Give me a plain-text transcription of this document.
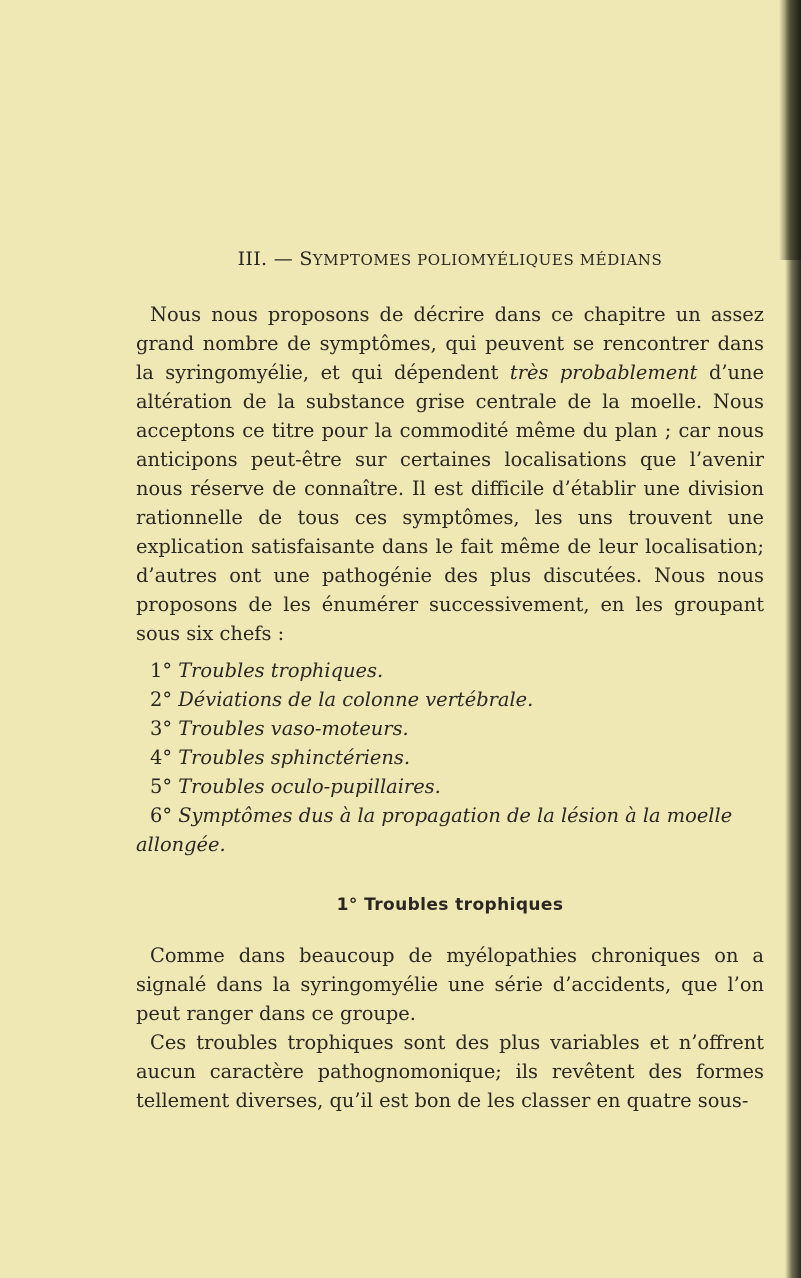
III. — SYMPTOMES POLIOMYÉLIQUES MÉDIANS

Nous nous proposons de décrire dans ce chapitre un assez grand nombre de symptômes, qui peuvent se rencontrer dans la syringomyélie, et qui dépendent très probablement d’une altération de la substance grise centrale de la moelle. Nous acceptons ce titre pour la commodité même du plan ; car nous anticipons peut-être sur certaines localisations que l’avenir nous réserve de connaître. Il est difficile d’établir une division rationnelle de tous ces symptômes, les uns trouvent une explication satisfaisante dans le fait même de leur localisation; d’autres ont une pathogénie des plus discutées. Nous nous proposons de les énumérer successivement, en les groupant sous six chefs :

1° Troubles trophiques.
2° Déviations de la colonne vertébrale.
3° Troubles vaso-moteurs.
4° Troubles sphinctériens.
5° Troubles oculo-pupillaires.
6° Symptômes dus à la propagation de la lésion à la moelle allongée.
1° Troubles trophiques

Comme dans beaucoup de myélopathies chroniques on a signalé dans la syringomyélie une série d’accidents, que l’on peut ranger dans ce groupe.

Ces troubles trophiques sont des plus variables et n’offrent aucun caractère pathognomonique; ils revêtent des formes tellement diverses, qu’il est bon de les classer en quatre sous-
